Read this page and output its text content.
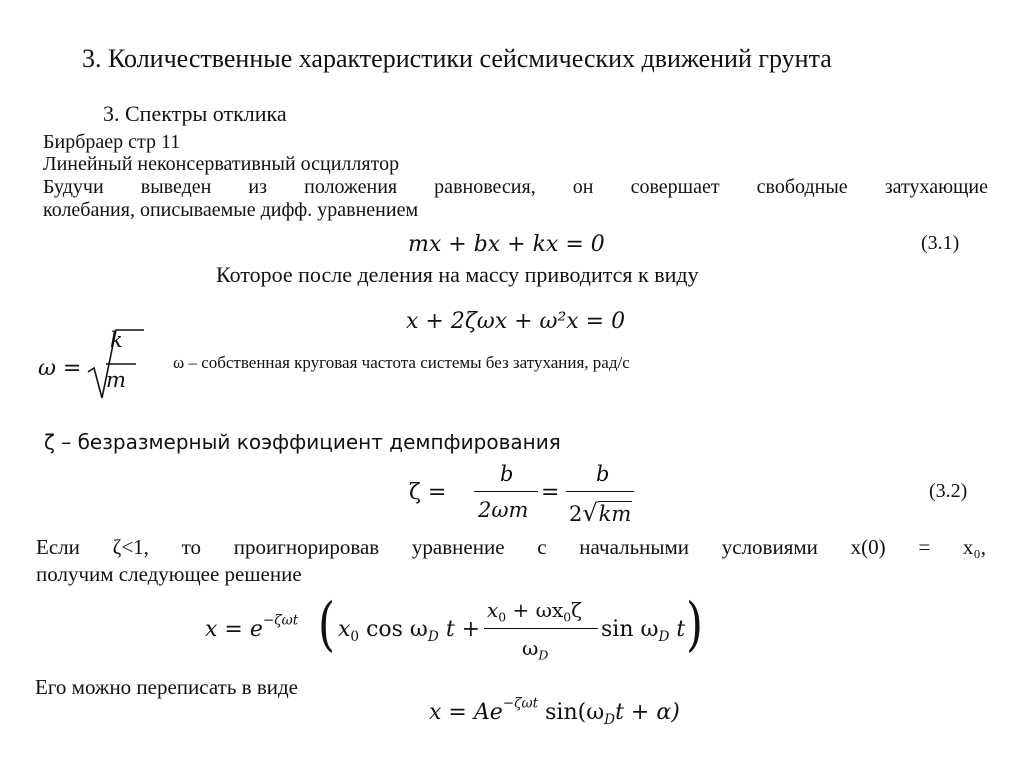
3. Количественные характеристики сейсмических движений грунта
3. Спектры отклика
Бирбраер стр 11
Линейный неконсервативный осциллятор
Будучи выведен из положения равновесия, он совершает свободные затухающие
колебания, описываемые дифф. уравнением
mx + bx + kx = 0	(3.1)
Которое после деления на массу приводится к виду
x + 2ζωx + ω²x = 0
ω =
k
m
ω – собственная круговая частота системы без затухания, рад/с
ζ – безразмерный коэффициент демпфирования
ζ =
b
2ωm
=
b
2√km
(3.2)
Если ζ<1, то проигнорировав уравнение с начальными условиями x(0) = x₀,
получим следующее решение
$x = e^{-\zeta\omega t}$ ( $x_0$ $\cos \omega_D$ t +
$x_0 + \omega x_0\zeta$
$\omega_D$
$\sin \omega_D$ t )
Его можно переписать в виде
$x = Ae^{-\zeta\omega t}$ $\sin(\omega_Dt + \alpha)$
